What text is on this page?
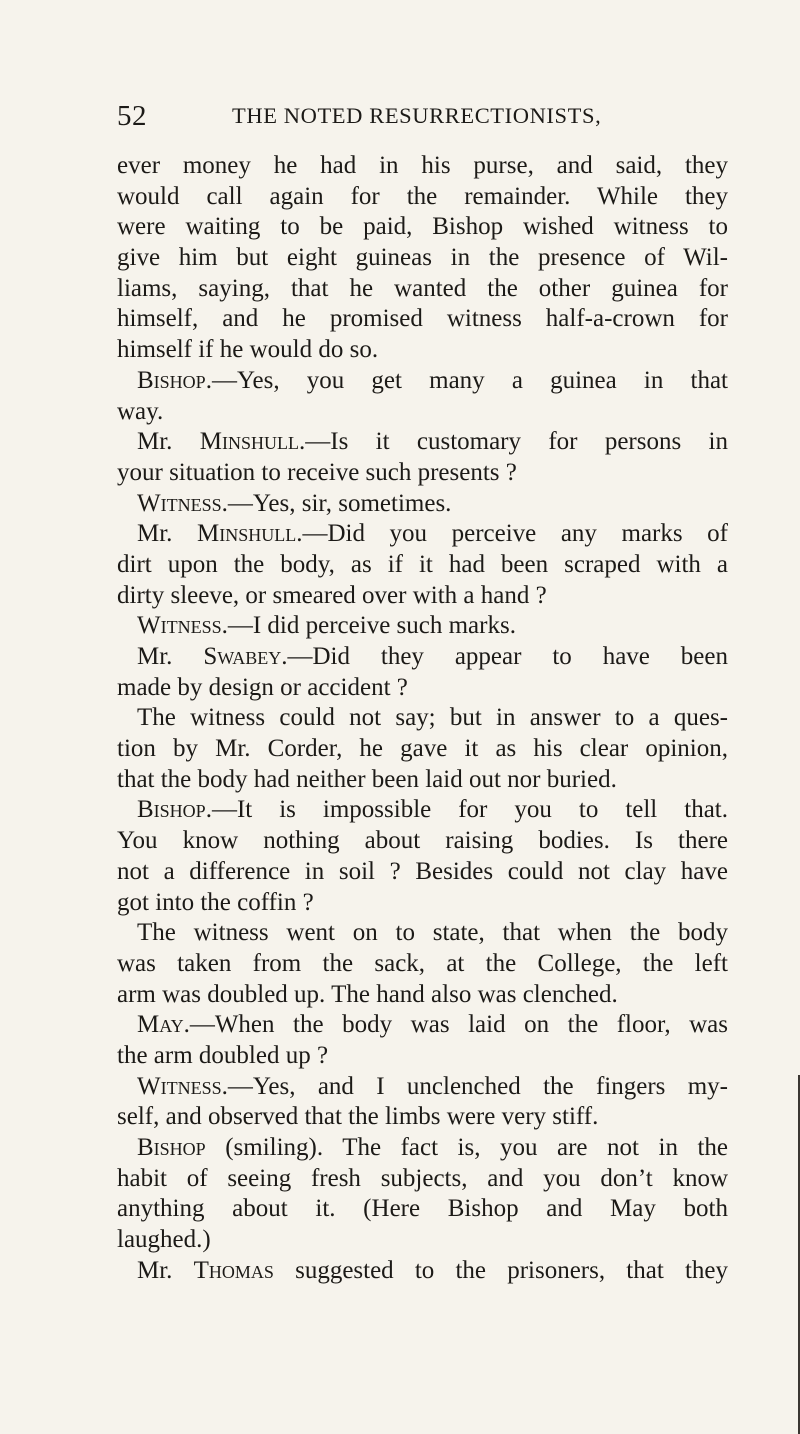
52	THE NOTED RESURRECTIONISTS,
ever money he had in his purse, and said, they
would call again for the remainder. While they
were waiting to be paid, Bishop wished witness to
give him but eight guineas in the presence of Wil-
liams, saying, that he wanted the other guinea for
himself, and he promised witness half-a-crown for
himself if he would do so.
Bishop.—Yes, you get many a guinea in that
way.
Mr. Minshull.—Is it customary for persons in
your situation to receive such presents ?
Witness.—Yes, sir, sometimes.
Mr. Minshull.—Did you perceive any marks of
dirt upon the body, as if it had been scraped with a
dirty sleeve, or smeared over with a hand ?
Witness.—I did perceive such marks.
Mr. Swabey.—Did they appear to have been
made by design or accident ?
The witness could not say; but in answer to a ques-
tion by Mr. Corder, he gave it as his clear opinion,
that the body had neither been laid out nor buried.
Bishop.—It is impossible for you to tell that.
You know nothing about raising bodies. Is there
not a difference in soil ? Besides could not clay have
got into the coffin ?
The witness went on to state, that when the body
was taken from the sack, at the College, the left
arm was doubled up. The hand also was clenched.
May.—When the body was laid on the floor, was
the arm doubled up ?
Witness.—Yes, and I unclenched the fingers my-
self, and observed that the limbs were very stiff.
Bishop (smiling). The fact is, you are not in the
habit of seeing fresh subjects, and you don’t know
anything about it. (Here Bishop and May both
laughed.)
Mr. Thomas suggested to the prisoners, that they
